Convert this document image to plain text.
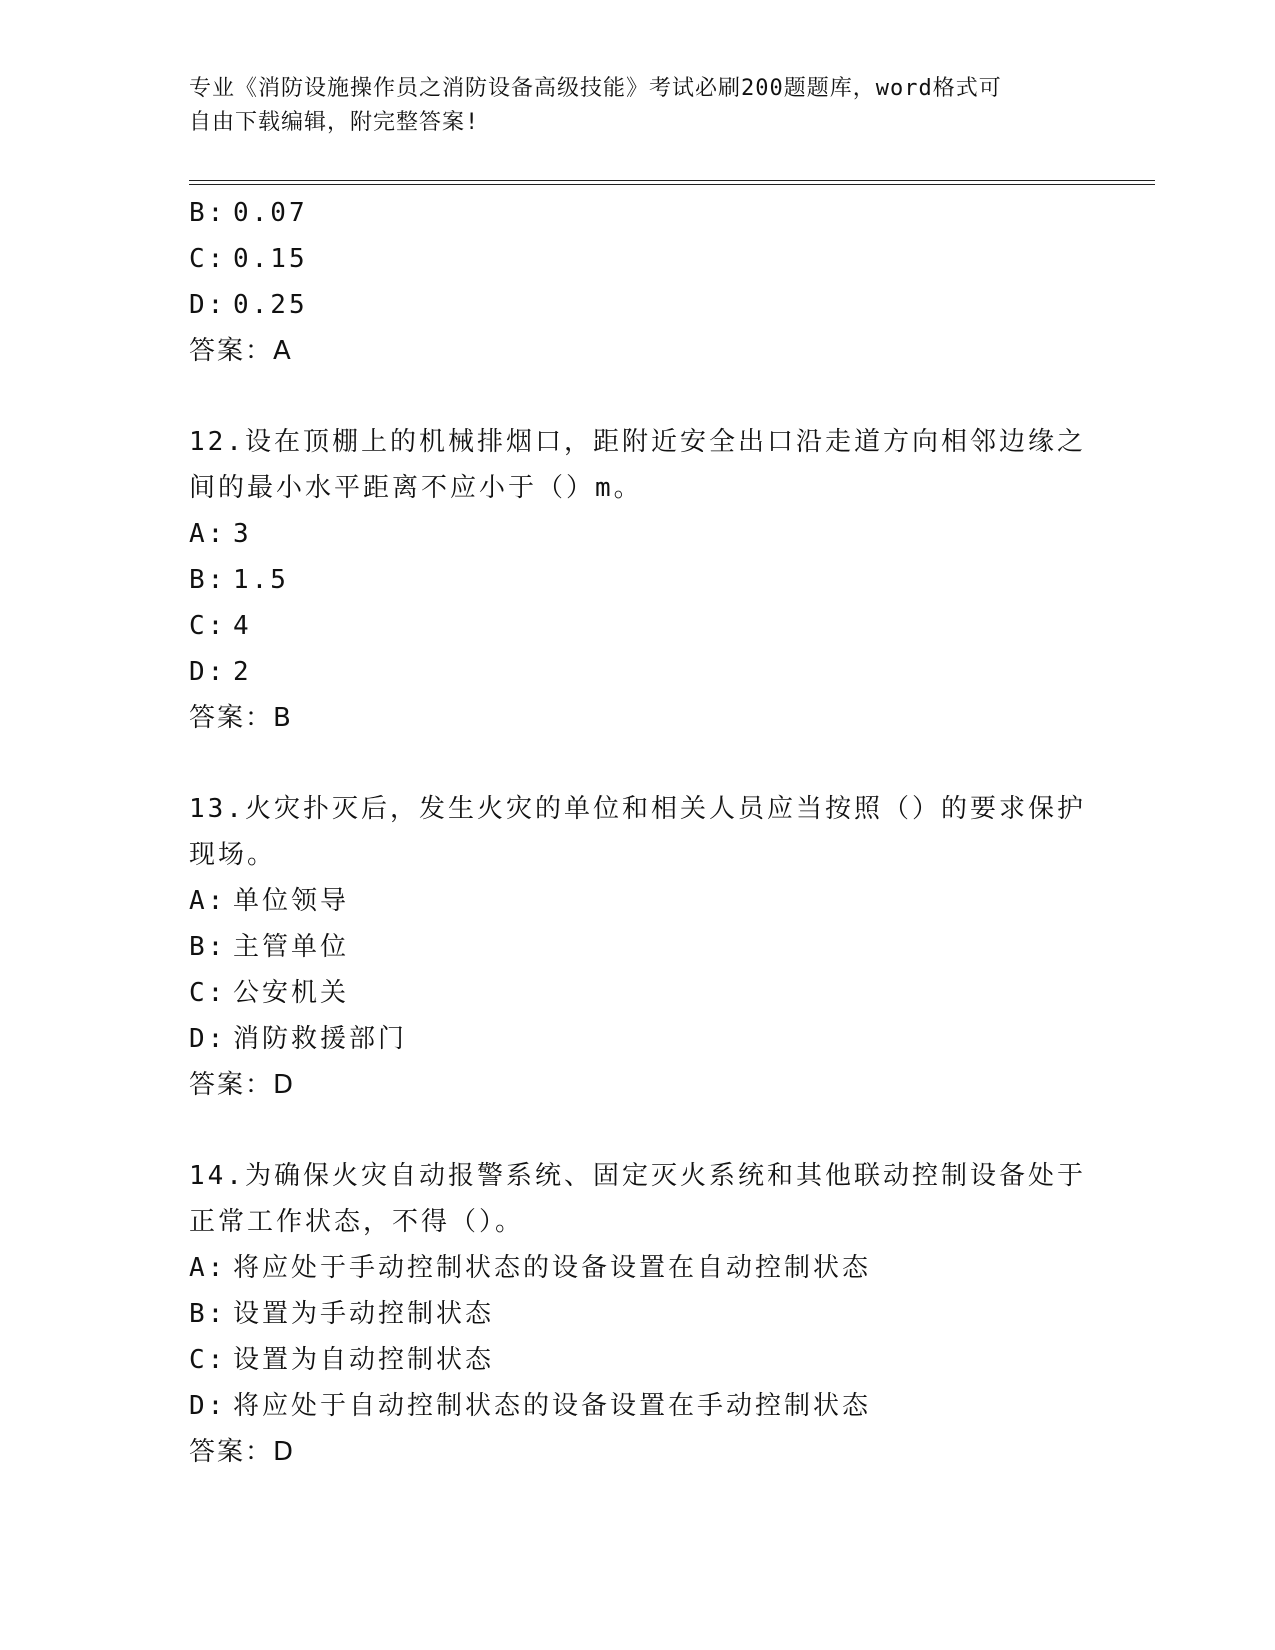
专业《消防设施操作员之消防设备高级技能》考试必刷200题题库，word格式可
自由下载编辑，附完整答案!
B: 0.07
C: 0.15
D: 0.25
答案：A
12.设在顶棚上的机械排烟口，距附近安全出口沿走道方向相邻边缘之
间的最小水平距离不应小于（）m。
A: 3
B: 1.5
C: 4
D: 2
答案：B
13.火灾扑灭后，发生火灾的单位和相关人员应当按照（）的要求保护
现场。
A: 单位领导
B: 主管单位
C: 公安机关
D: 消防救援部门
答案：D
14.为确保火灾自动报警系统、固定灭火系统和其他联动控制设备处于
正常工作状态，不得（）。
A: 将应处于手动控制状态的设备设置在自动控制状态
B: 设置为手动控制状态
C: 设置为自动控制状态
D: 将应处于自动控制状态的设备设置在手动控制状态
答案：D
